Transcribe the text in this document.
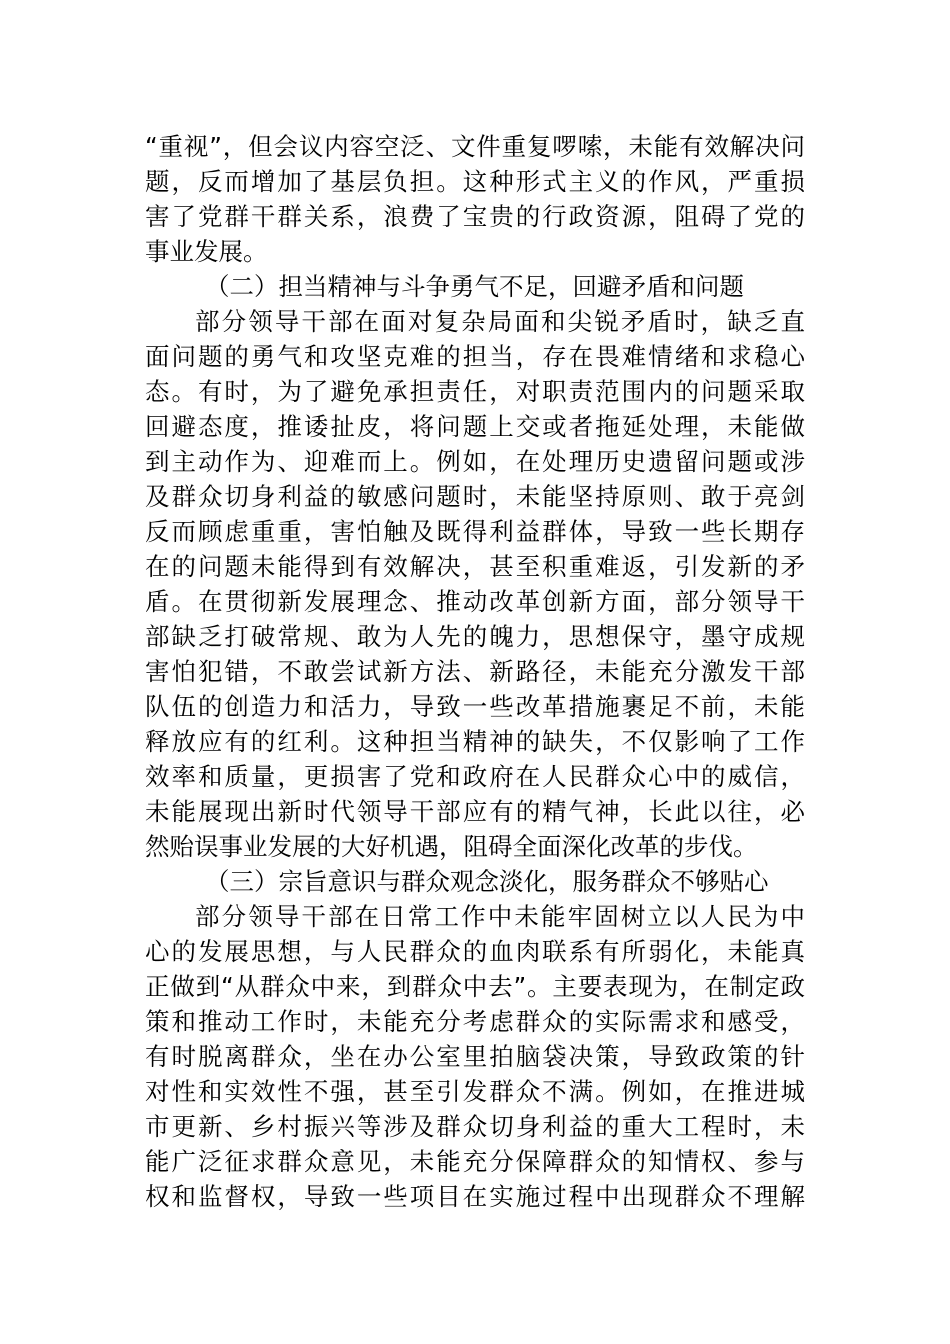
“重视”，但会议内容空泛、文件重复啰嗦，未能有效解决问
题，反而增加了基层负担。这种形式主义的作风，严重损
害了党群干群关系，浪费了宝贵的行政资源，阻碍了党的
事业发展。
（二）担当精神与斗争勇气不足，回避矛盾和问题
部分领导干部在面对复杂局面和尖锐矛盾时，缺乏直
面问题的勇气和攻坚克难的担当，存在畏难情绪和求稳心
态。有时，为了避免承担责任，对职责范围内的问题采取
回避态度，推诿扯皮，将问题上交或者拖延处理，未能做
到主动作为、迎难而上。例如，在处理历史遗留问题或涉
及群众切身利益的敏感问题时，未能坚持原则、敢于亮剑
反而顾虑重重，害怕触及既得利益群体，导致一些长期存
在的问题未能得到有效解决，甚至积重难返，引发新的矛
盾。在贯彻新发展理念、推动改革创新方面，部分领导干
部缺乏打破常规、敢为人先的魄力，思想保守，墨守成规
害怕犯错，不敢尝试新方法、新路径，未能充分激发干部
队伍的创造力和活力，导致一些改革措施裹足不前，未能
释放应有的红利。这种担当精神的缺失，不仅影响了工作
效率和质量，更损害了党和政府在人民群众心中的威信，
未能展现出新时代领导干部应有的精气神，长此以往，必
然贻误事业发展的大好机遇，阻碍全面深化改革的步伐。
（三）宗旨意识与群众观念淡化，服务群众不够贴心
部分领导干部在日常工作中未能牢固树立以人民为中
心的发展思想，与人民群众的血肉联系有所弱化，未能真
正做到“从群众中来，到群众中去”。主要表现为，在制定政
策和推动工作时，未能充分考虑群众的实际需求和感受，
有时脱离群众，坐在办公室里拍脑袋决策，导致政策的针
对性和实效性不强，甚至引发群众不满。例如，在推进城
市更新、乡村振兴等涉及群众切身利益的重大工程时，未
能广泛征求群众意见，未能充分保障群众的知情权、参与
权和监督权，导致一些项目在实施过程中出现群众不理解
